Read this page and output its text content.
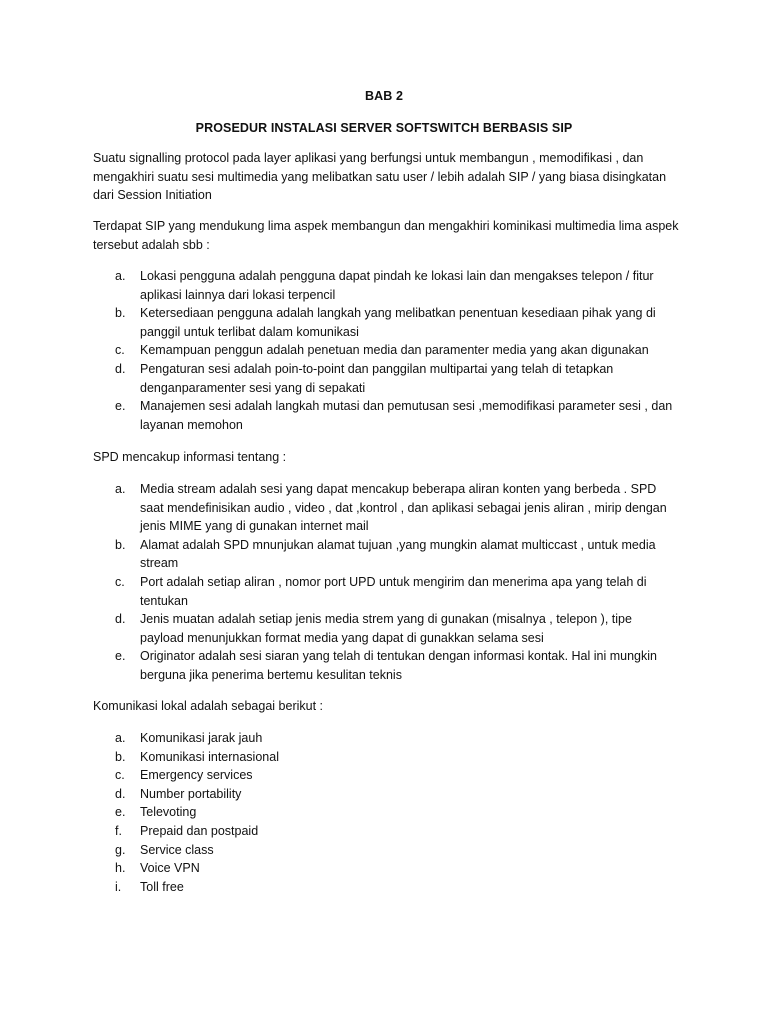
BAB 2
PROSEDUR INSTALASI SERVER SOFTSWITCH BERBASIS SIP

Suatu signalling protocol pada layer aplikasi yang berfungsi untuk membangun , memodifikasi , dan mengakhiri suatu sesi multimedia yang melibatkan satu user / lebih adalah SIP / yang biasa disingkatan dari Session Initiation

Terdapat SIP yang mendukung lima aspek membangun dan mengakhiri kominikasi multimedia lima aspek tersebut adalah sbb :

a.	Lokasi pengguna adalah pengguna dapat pindah ke lokasi lain dan mengakses telepon / fitur aplikasi lainnya dari lokasi terpencil
b.	Ketersediaan pengguna adalah langkah yang melibatkan penentuan kesediaan pihak yang di panggil untuk terlibat dalam komunikasi
c.	Kemampuan penggun adalah penetuan media dan paramenter media yang akan digunakan
d.	Pengaturan sesi adalah poin-to-point dan panggilan multipartai yang telah di tetapkan denganparamenter sesi yang di sepakati
e.	Manajemen sesi adalah langkah mutasi dan pemutusan sesi ,memodifikasi parameter sesi , dan layanan memohon

SPD mencakup informasi tentang :

a.	Media stream adalah sesi yang dapat mencakup beberapa aliran konten yang berbeda . SPD saat mendefinisikan audio , video , dat ,kontrol , dan aplikasi sebagai jenis aliran , mirip dengan jenis MIME yang di gunakan internet mail
b.	Alamat adalah SPD mnunjukan alamat tujuan ,yang mungkin alamat multiccast , untuk media stream
c.	Port adalah setiap aliran , nomor port UPD untuk mengirim dan menerima apa yang telah di tentukan
d.	Jenis muatan adalah setiap jenis media strem yang di gunakan (misalnya , telepon ), tipe payload menunjukkan format media yang dapat di gunakkan selama sesi
e.	Originator adalah sesi siaran yang telah di tentukan dengan informasi kontak. Hal ini mungkin berguna jika penerima bertemu kesulitan teknis

Komunikasi lokal adalah sebagai berikut :

a.	Komunikasi jarak jauh
b.	Komunikasi internasional
c.	Emergency services
d.	Number portability
e.	Televoting
f.	Prepaid dan postpaid
g.	Service class
h.	Voice VPN
i.	Toll free
